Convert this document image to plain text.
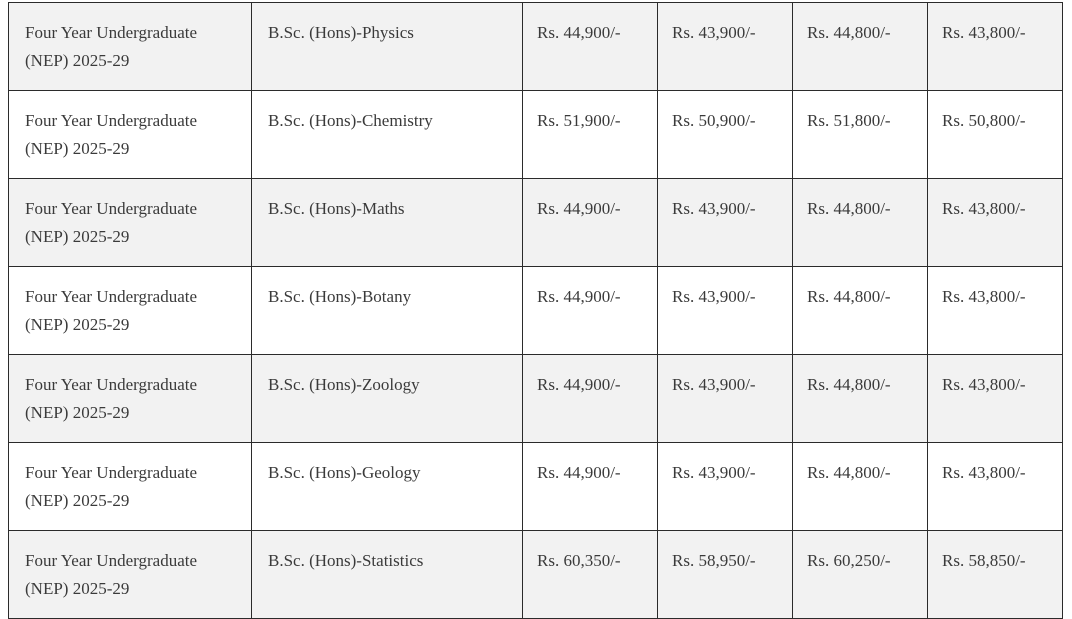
Four Year Undergraduate
(NEP) 2025-29	B.Sc. (Hons)-Physics	Rs. 44,900/-	Rs. 43,900/-	Rs. 44,800/-	Rs. 43,800/-
Four Year Undergraduate
(NEP) 2025-29	B.Sc. (Hons)-Chemistry	Rs. 51,900/-	Rs. 50,900/-	Rs. 51,800/-	Rs. 50,800/-
Four Year Undergraduate
(NEP) 2025-29	B.Sc. (Hons)-Maths	Rs. 44,900/-	Rs. 43,900/-	Rs. 44,800/-	Rs. 43,800/-
Four Year Undergraduate
(NEP) 2025-29	B.Sc. (Hons)-Botany	Rs. 44,900/-	Rs. 43,900/-	Rs. 44,800/-	Rs. 43,800/-
Four Year Undergraduate
(NEP) 2025-29	B.Sc. (Hons)-Zoology	Rs. 44,900/-	Rs. 43,900/-	Rs. 44,800/-	Rs. 43,800/-
Four Year Undergraduate
(NEP) 2025-29	B.Sc. (Hons)-Geology	Rs. 44,900/-	Rs. 43,900/-	Rs. 44,800/-	Rs. 43,800/-
Four Year Undergraduate
(NEP) 2025-29	B.Sc. (Hons)-Statistics	Rs. 60,350/-	Rs. 58,950/-	Rs. 60,250/-	Rs. 58,850/-
